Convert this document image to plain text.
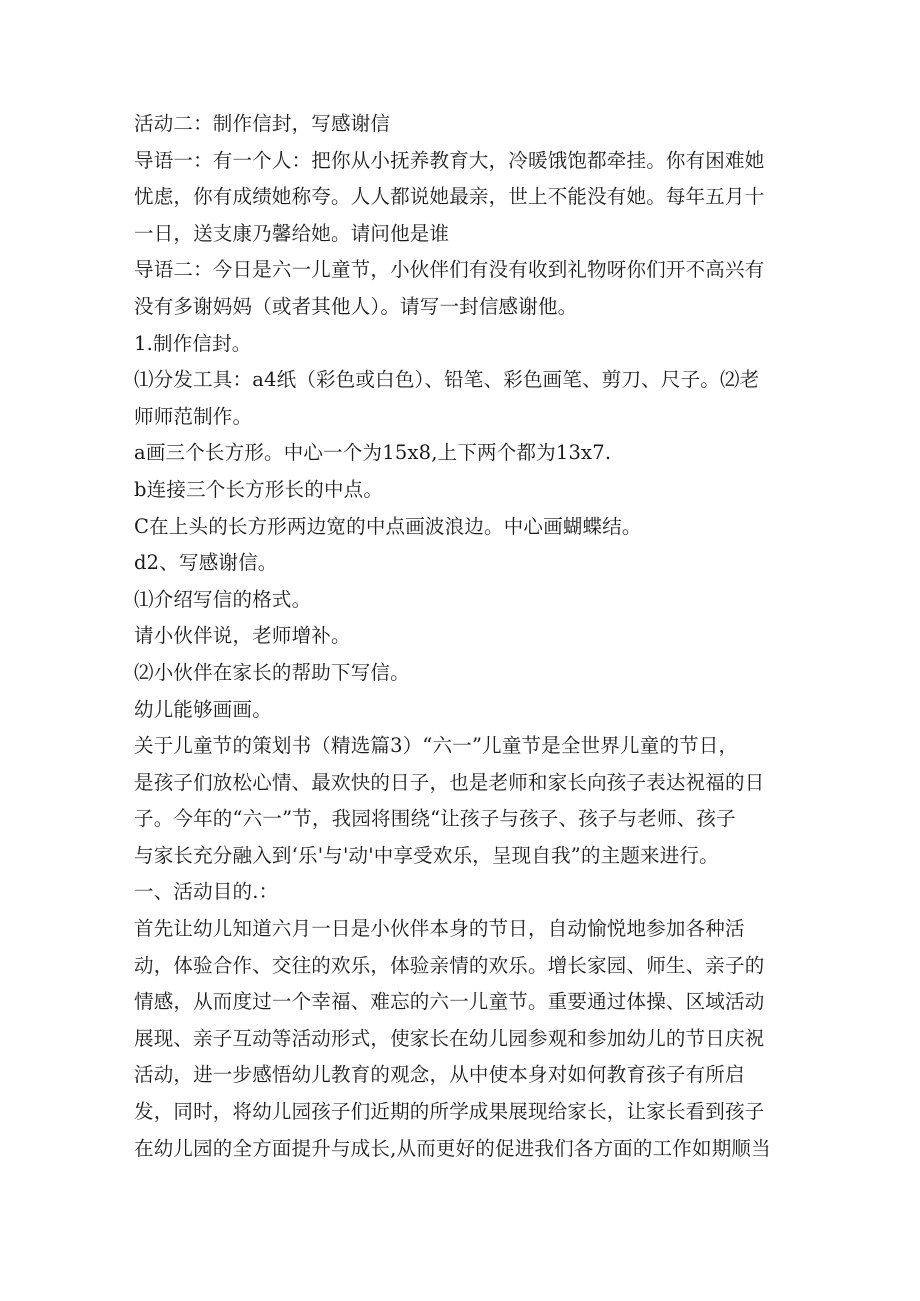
活动二：制作信封，写感谢信
导语一：有一个人：把你从小抚养教育大，冷暖饿饱都牵挂。你有困难她
忧虑，你有成绩她称夸。人人都说她最亲，世上不能没有她。每年五月十
一日，送支康乃馨给她。请问他是谁
导语二：今日是六一儿童节，小伙伴们有没有收到礼物呀你们开不高兴有
没有多谢妈妈（或者其他人）。请写一封信感谢他。
1.制作信封。
⑴分发工具：a4纸（彩色或白色）、铅笔、彩色画笔、剪刀、尺子。⑵老
师师范制作。
a画三个长方形。中心一个为15x8,上下两个都为13x7.
b连接三个长方形长的中点。
C在上头的长方形两边宽的中点画波浪边。中心画蝴蝶结。
d2、写感谢信。
⑴介绍写信的格式。
请小伙伴说，老师增补。
⑵小伙伴在家长的帮助下写信。
幼儿能够画画。
关于儿童节的策划书（精选篇3）“六一”儿童节是全世界儿童的节日，
是孩子们放松心情、最欢快的日子，也是老师和家长向孩子表达祝福的日
子。今年的“六一”节，我园将围绕“让孩子与孩子、孩子与老师、孩子
与家长充分融入到‘乐'与'动'中享受欢乐，呈现自我”的主题来进行。
一、活动目的.：
首先让幼儿知道六月一日是小伙伴本身的节日，自动愉悦地参加各种活
动，体验合作、交往的欢乐，体验亲情的欢乐。增长家园、师生、亲子的
情感，从而度过一个幸福、难忘的六一儿童节。重要通过体操、区域活动
展现、亲子互动等活动形式，使家长在幼儿园参观和参加幼儿的节日庆祝
活动，进一步感悟幼儿教育的观念，从中使本身对如何教育孩子有所启
发，同时，将幼儿园孩子们近期的所学成果展现给家长，让家长看到孩子
在幼儿园的全方面提升与成长,从而更好的促进我们各方面的工作如期顺当
